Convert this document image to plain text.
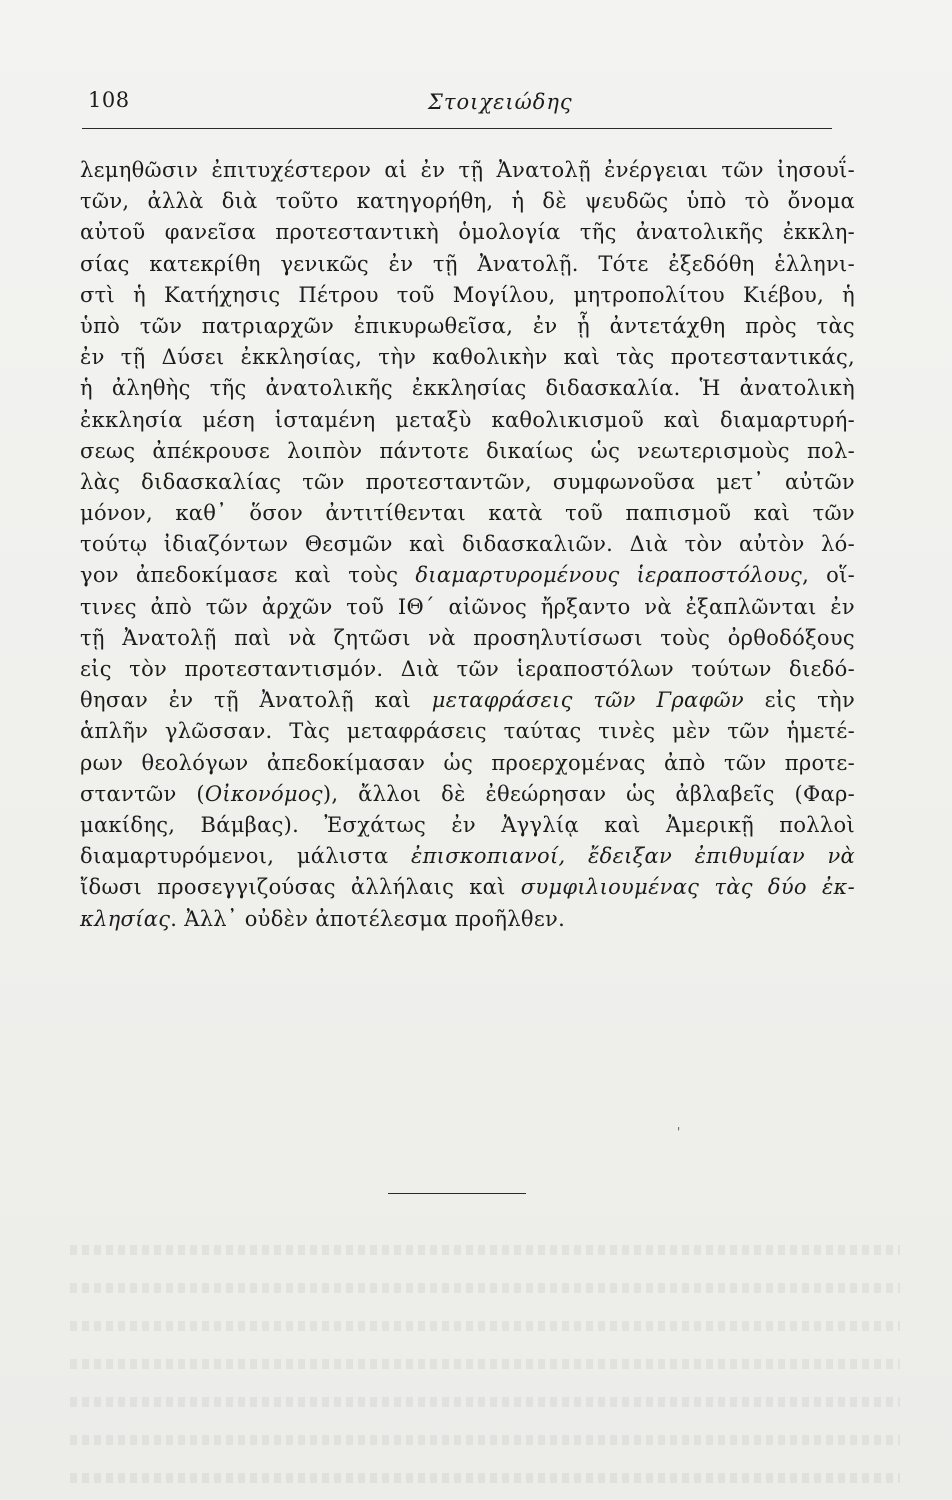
108	Στοιχειώδης
λεμηθῶσιν ἐπιτυχέστερον αἱ ἐν τῇ Ἀνατολῇ ἐνέργειαι τῶν ἰησουΐ-
τῶν, ἀλλὰ διὰ τοῦτο κατηγορήθη, ἡ δὲ ψευδῶς ὑπὸ τὸ ὄνομα
αὐτοῦ φανεῖσα προτεσταντικὴ ὁμολογία τῆς ἀνατολικῆς ἐκκλη-
σίας κατεκρίθη γενικῶς ἐν τῇ Ἀνατολῇ. Τότε ἐξεδόθη ἑλληνι-
στὶ ἡ Κατήχησις Πέτρου τοῦ Μογίλου, μητροπολίτου Κιέβου, ἡ
ὑπὸ τῶν πατριαρχῶν ἐπικυρωθεῖσα, ἐν ᾗ ἀντετάχθη πρὸς τὰς
ἐν τῇ Δύσει ἐκκλησίας, τὴν καθολικὴν καὶ τὰς προτεσταντικάς,
ἡ ἀληθὴς τῆς ἀνατολικῆς ἐκκλησίας διδασκαλία. Ἡ ἀνατολικὴ
ἐκκλησία μέση ἱσταμένη μεταξὺ καθολικισμοῦ καὶ διαμαρτυρή-
σεως ἀπέκρουσε λοιπὸν πάντοτε δικαίως ὡς νεωτερισμοὺς πολ-
λὰς διδασκαλίας τῶν προτεσταντῶν, συμφωνοῦσα μετ᾿ αὐτῶν
μόνον, καθ᾿ ὅσον ἀντιτίθενται κατὰ τοῦ παπισμοῦ καὶ τῶν
τούτῳ ἰδιαζόντων Θεσμῶν καὶ διδασκαλιῶν. Διὰ τὸν αὐτὸν λό-
γον ἀπεδοκίμασε καὶ τοὺς διαμαρτυρομένους ἱεραποστόλους, οἵ-
τινες ἀπὸ τῶν ἀρχῶν τοῦ ΙΘ΄ αἰῶνος ἤρξαντο νὰ ἐξαπλῶνται ἐν
τῇ Ἀνατολῇ παὶ νὰ ζητῶσι νὰ προσηλυτίσωσι τοὺς ὀρθοδόξους
εἰς τὸν προτεσταντισμόν. Διὰ τῶν ἱεραποστόλων τούτων διεδό-
θησαν ἐν τῇ Ἀνατολῇ καὶ μεταφράσεις τῶν Γραφῶν εἰς τὴν
ἁπλῆν γλῶσσαν. Τὰς μεταφράσεις ταύτας τινὲς μὲν τῶν ἡμετέ-
ρων θεολόγων ἀπεδοκίμασαν ὡς προερχομένας ἀπὸ τῶν προτε-
σταντῶν (Οἰκονόμος), ἄλλοι δὲ ἐθεώρησαν ὡς ἀβλαβεῖς (Φαρ-
μακίδης, Βάμβας). Ἐσχάτως ἐν Ἀγγλίᾳ καὶ Ἀμερικῇ πολλοὶ
διαμαρτυρόμενοι, μάλιστα ἐπισκοπιανοί, ἔδειξαν ἐπιθυμίαν νὰ
ἴδωσι προσεγγιζούσας ἀλλήλαις καὶ συμφιλιουμένας τὰς δύο ἐκ-
κλησίας. Ἀλλ᾿ οὐδὲν ἀποτέλεσμα προῆλθεν.
'
